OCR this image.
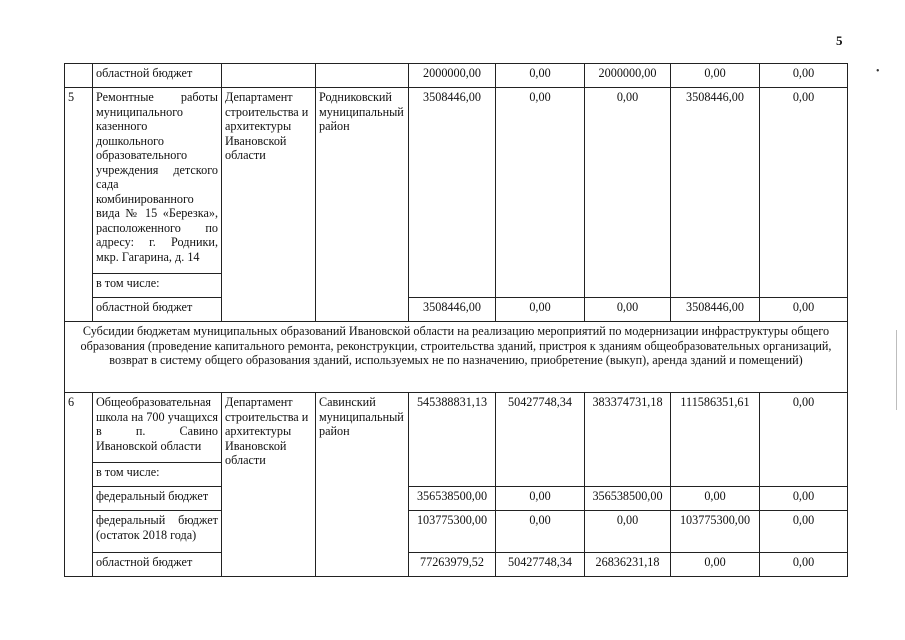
5
•
	областной бюджет			2000000,00	0,00	2000000,00	0,00	0,00
5	Ремонтные работы муниципального казенного дошкольного образовательного учреждения детского сада комбинированного вида № 15 «Березка», расположенного по адресу: г. Родники, мкр. Гагарина, д. 14	Департамент строительства и архитектуры Ивановской области	Родниковский муниципальный район	3508446,00	0,00	0,00	3508446,00	0,00
	в том числе:							
	областной бюджет			3508446,00	0,00	0,00	3508446,00	0,00
Субсидии бюджетам муниципальных образований Ивановской области на реализацию мероприятий по модернизации инфраструктуры общего образования (проведение капитального ремонта, реконструкции, строительства зданий, пристроя к зданиям общеобразовательных организаций, возврат в систему общего образования зданий, используемых не по назначению, приобретение (выкуп), аренда зданий и помещений)								
6	Общеобразовательная школа на 700 учащихся в п. Савино Ивановской области	Департамент строительства и архитектуры Ивановской области	Савинский муниципальный район	545388831,13	50427748,34	383374731,18	111586351,61	0,00
	в том числе:							
	федеральный бюджет			356538500,00	0,00	356538500,00	0,00	0,00
	федеральный бюджет (остаток 2018 года)			103775300,00	0,00	0,00	103775300,00	0,00
	областной бюджет			77263979,52	50427748,34	26836231,18	0,00	0,00
